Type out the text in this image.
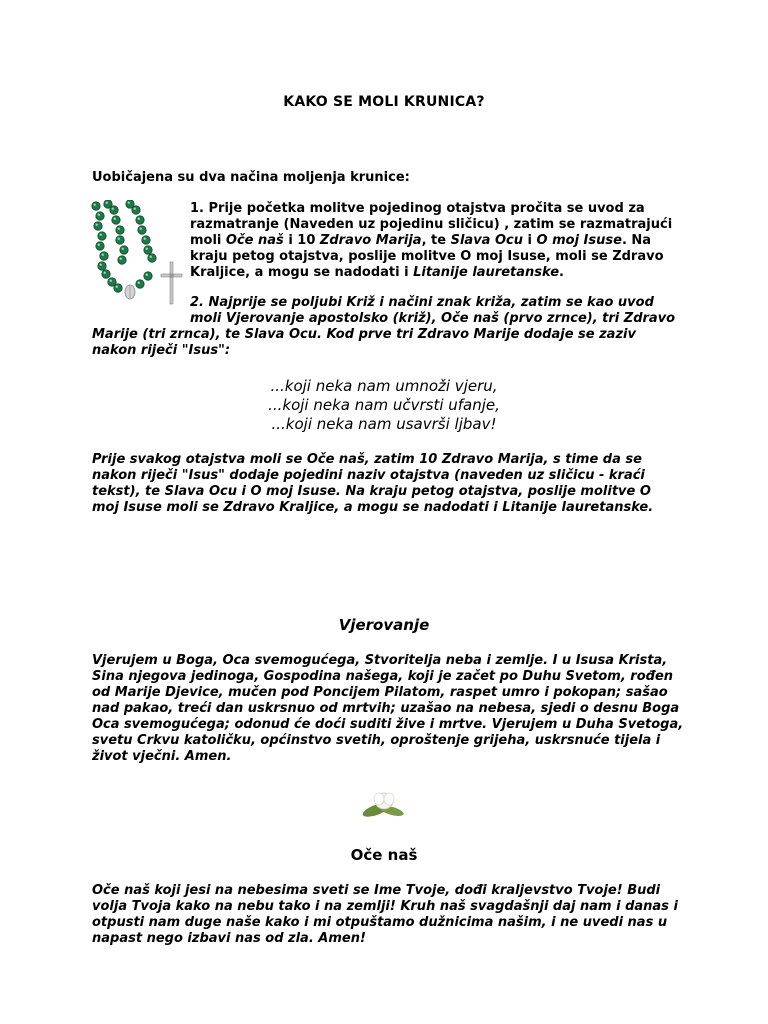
KAKO SE MOLI KRUNICA?
Uobičajena su dva načina moljenja krunice:
1. Prije početka molitve pojedinog otajstva pročita se uvod za
razmatranje (Naveden uz pojedinu sličicu) , zatim se razmatrajući
moli Oče naš i 10 Zdravo Marija, te Slava Ocu i O moj Isuse. Na
kraju petog otajstva, poslije molitve O moj Isuse, moli se Zdravo
Kraljice, a mogu se nadodati i Litanije lauretanske.
2. Najprije se poljubi Križ i načini znak križa, zatim se kao uvod
moli Vjerovanje apostolsko (križ), Oče naš (prvo zrnce), tri Zdravo
Marije (tri zrnca), te Slava Ocu. Kod prve tri Zdravo Marije dodaje se zaziv
nakon riječi "Isus":
...koji neka nam umnoži vjeru,
...koji neka nam učvrsti ufanje,
...koji neka nam usavrši ljbav!
Prije svakog otajstva moli se Oče naš, zatim 10 Zdravo Marija, s time da se
nakon riječi "Isus" dodaje pojedini naziv otajstva (naveden uz sličicu - kraći
tekst), te Slava Ocu i O moj Isuse. Na kraju petog otajstva, poslije molitve O
moj Isuse moli se Zdravo Kraljice, a mogu se nadodati i Litanije lauretanske.
Vjerovanje
Vjerujem u Boga, Oca svemogućega, Stvoritelja neba i zemlje. I u Isusa Krista,
Sina njegova jedinoga, Gospodina našega, koji je začet po Duhu Svetom, rođen
od Marije Djevice, mučen pod Poncijem Pilatom, raspet umro i pokopan; sašao
nad pakao, treći dan uskrsnuo od mrtvih; uzašao na nebesa, sjedi o desnu Boga
Oca svemogućega; odonud će doći suditi žive i mrtve. Vjerujem u Duha Svetoga,
svetu Crkvu katoličku, općinstvo svetih, oproštenje grijeha, uskrsnuće tijela i
život vječni. Amen.
Oče naš
Oče naš koji jesi na nebesima sveti se Ime Tvoje, dođi kraljevstvo Tvoje! Budi
volja Tvoja kako na nebu tako i na zemlji! Kruh naš svagdašnji daj nam i danas i
otpusti nam duge naše kako i mi otpuštamo dužnicima našim, i ne uvedi nas u
napast nego izbavi nas od zla. Amen!
